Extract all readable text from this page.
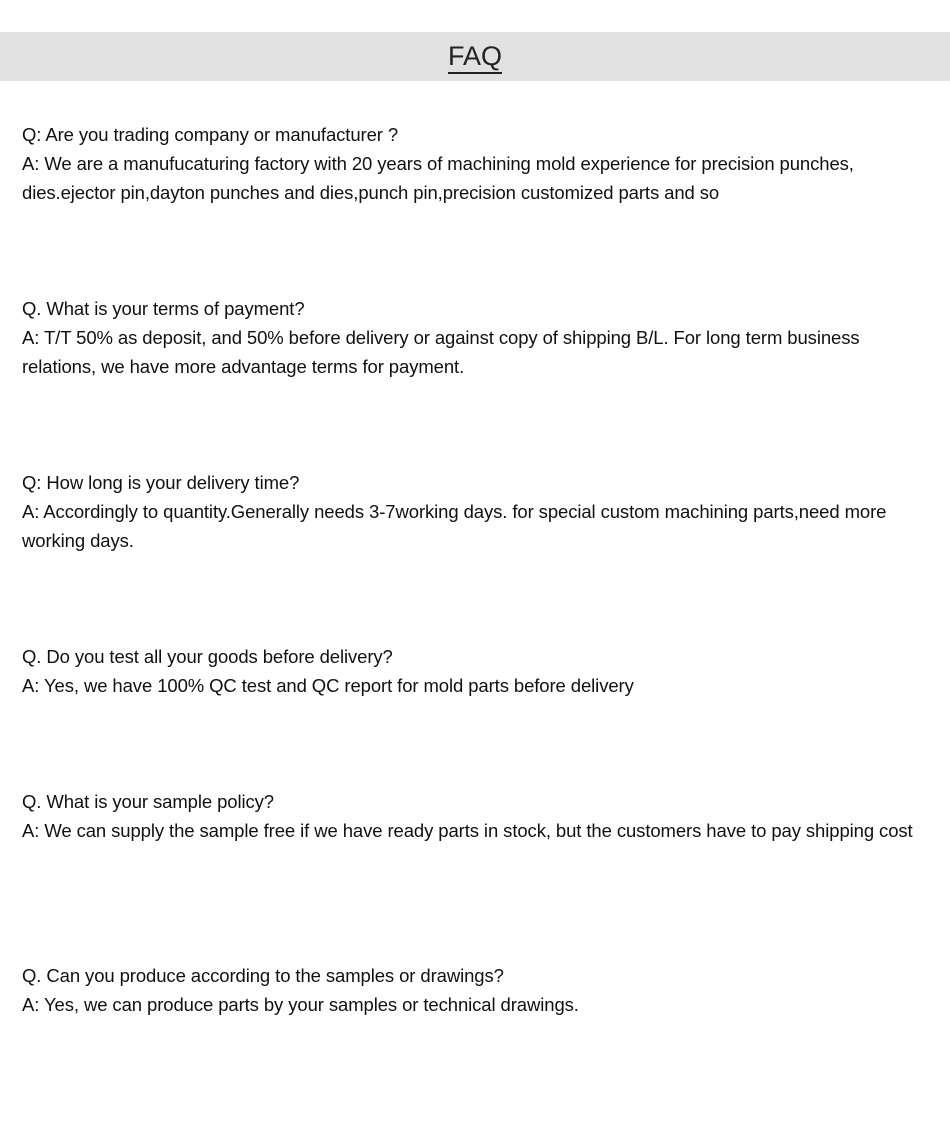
FAQ

Q: Are you trading company or manufacturer ?

A: We are a manufucaturing factory with 20 years of machining mold experience for precision punches, dies.ejector pin,dayton punches and dies,punch pin,precision customized parts and so

Q. What is your terms of payment?

A: T/T 50% as deposit, and 50% before delivery or against copy of shipping B/L. For long term business relations, we have more advantage terms for payment.

Q: How long is your delivery time?

A: Accordingly to quantity.Generally needs 3-7working days. for special custom machining parts,need more working days.

Q. Do you test all your goods before delivery?

A: Yes, we have 100% QC test and QC report for mold parts before delivery

Q. What is your sample policy?

A: We can supply the sample free if we have ready parts in stock, but the customers have to pay shipping cost

Q. Can you produce according to the samples or drawings?

A: Yes, we can produce parts by your samples or technical drawings.
